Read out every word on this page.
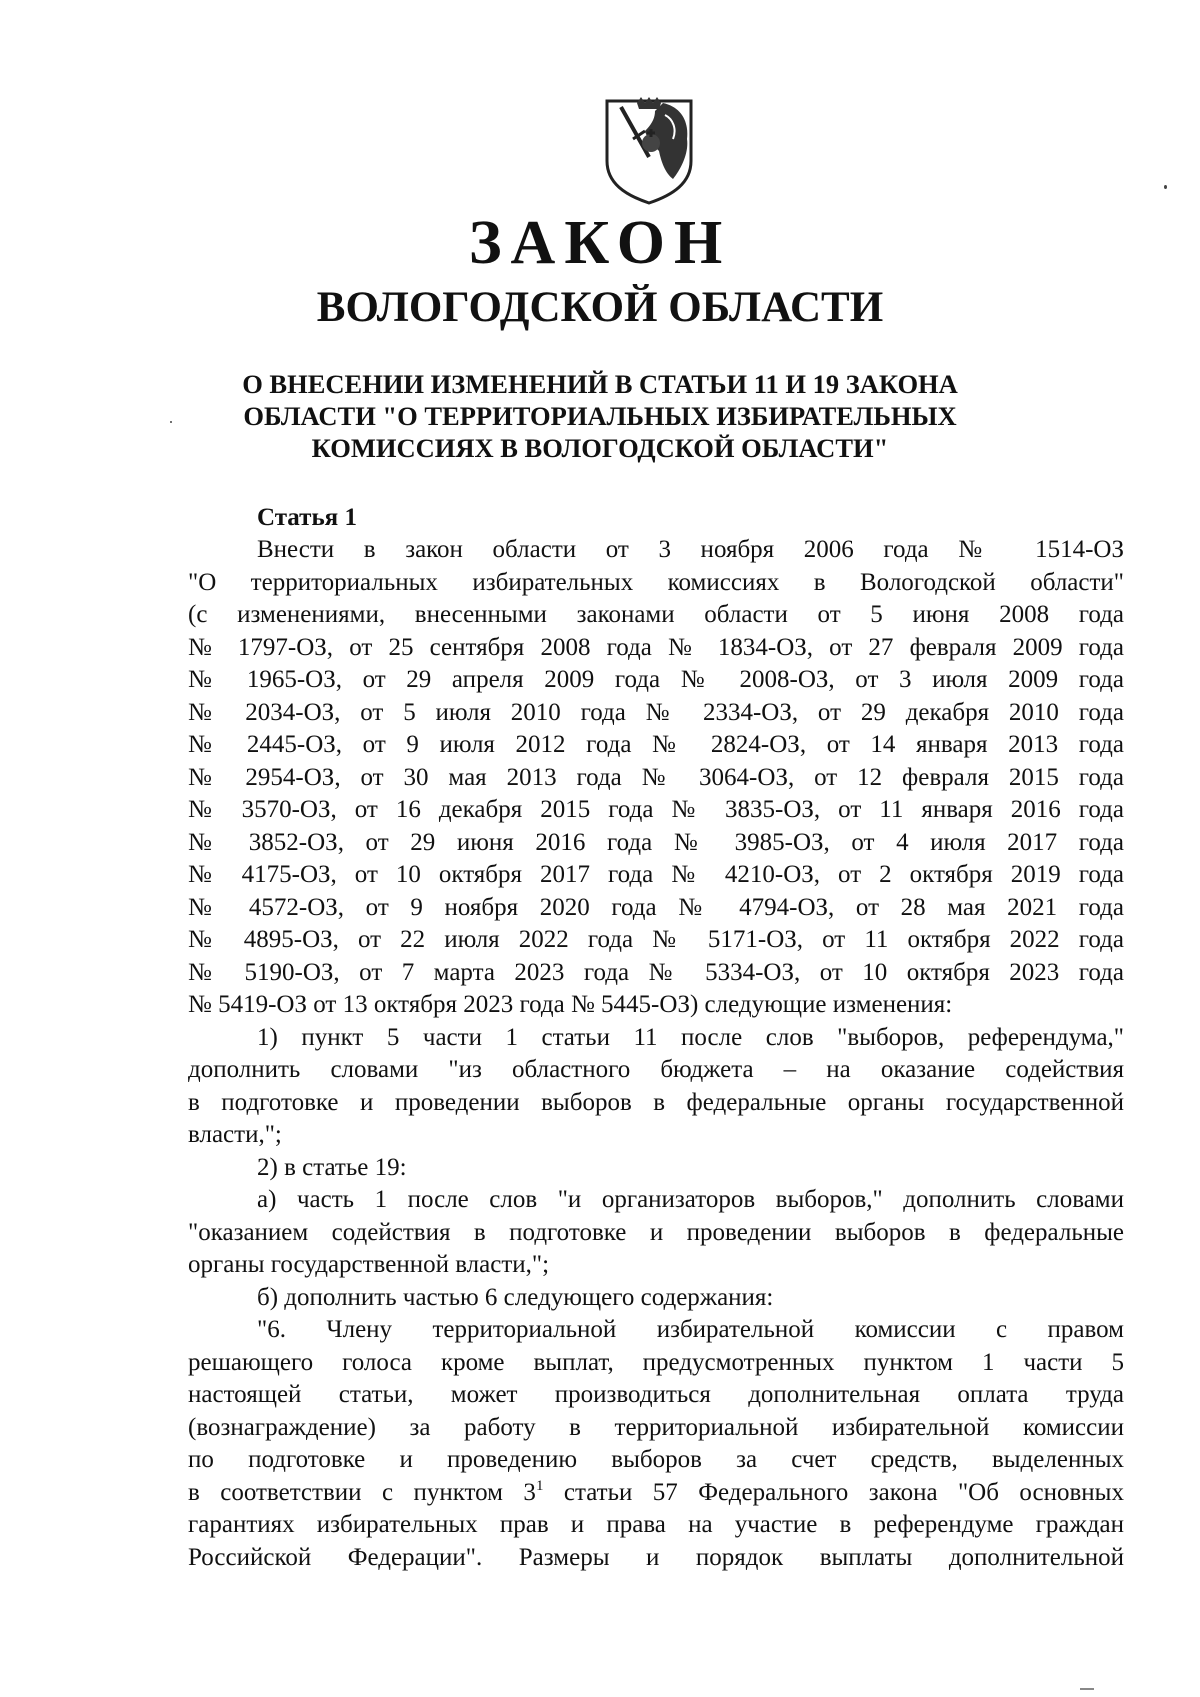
ЗАКОН
ВОЛОГОДСКОЙ ОБЛАСТИ
О ВНЕСЕНИИ ИЗМЕНЕНИЙ В СТАТЬИ 11 И 19 ЗАКОНА
ОБЛАСТИ "О ТЕРРИТОРИАЛЬНЫХ ИЗБИРАТЕЛЬНЫХ
КОМИССИЯХ В ВОЛОГОДСКОЙ ОБЛАСТИ"
Статья 1

Внести в закон области от 3 ноября 2006 года № 1514-ОЗ

"О территориальных избирательных комиссиях в Вологодской области"

(с изменениями, внесенными законами области от 5 июня 2008 года

№ 1797-ОЗ, от 25 сентября 2008 года № 1834-ОЗ, от 27 февраля 2009 года

№ 1965-ОЗ, от 29 апреля 2009 года № 2008-ОЗ, от 3 июля 2009 года

№ 2034-ОЗ, от 5 июля 2010 года № 2334-ОЗ, от 29 декабря 2010 года

№ 2445-ОЗ, от 9 июля 2012 года № 2824-ОЗ, от 14 января 2013 года

№ 2954-ОЗ, от 30 мая 2013 года № 3064-ОЗ, от 12 февраля 2015 года

№ 3570-ОЗ, от 16 декабря 2015 года № 3835-ОЗ, от 11 января 2016 года

№ 3852-ОЗ, от 29 июня 2016 года № 3985-ОЗ, от 4 июля 2017 года

№ 4175-ОЗ, от 10 октября 2017 года № 4210-ОЗ, от 2 октября 2019 года

№ 4572-ОЗ, от 9 ноября 2020 года № 4794-ОЗ, от 28 мая 2021 года

№ 4895-ОЗ, от 22 июля 2022 года № 5171-ОЗ, от 11 октября 2022 года

№ 5190-ОЗ, от 7 марта 2023 года № 5334-ОЗ, от 10 октября 2023 года

№ 5419-ОЗ от 13 октября 2023 года № 5445-ОЗ) следующие изменения:

1) пункт 5 части 1 статьи 11 после слов "выборов, референдума,"

дополнить словами "из областного бюджета – на оказание содействия

в подготовке и проведении выборов в федеральные органы государственной

власти,";

2) в статье 19:

а) часть 1 после слов "и организаторов выборов," дополнить словами

"оказанием содействия в подготовке и проведении выборов в федеральные

органы государственной власти,";

б) дополнить частью 6 следующего содержания:

"6. Члену территориальной избирательной комиссии с правом

решающего голоса кроме выплат, предусмотренных пунктом 1 части 5

настоящей статьи, может производиться дополнительная оплата труда

(вознаграждение) за работу в территориальной избирательной комиссии

по подготовке и проведению выборов за счет средств, выделенных

в соответствии с пунктом $3^1$ статьи 57 Федерального закона "Об основных

гарантиях избирательных прав и права на участие в референдуме граждан

Российской Федерации". Размеры и порядок выплаты дополнительной
